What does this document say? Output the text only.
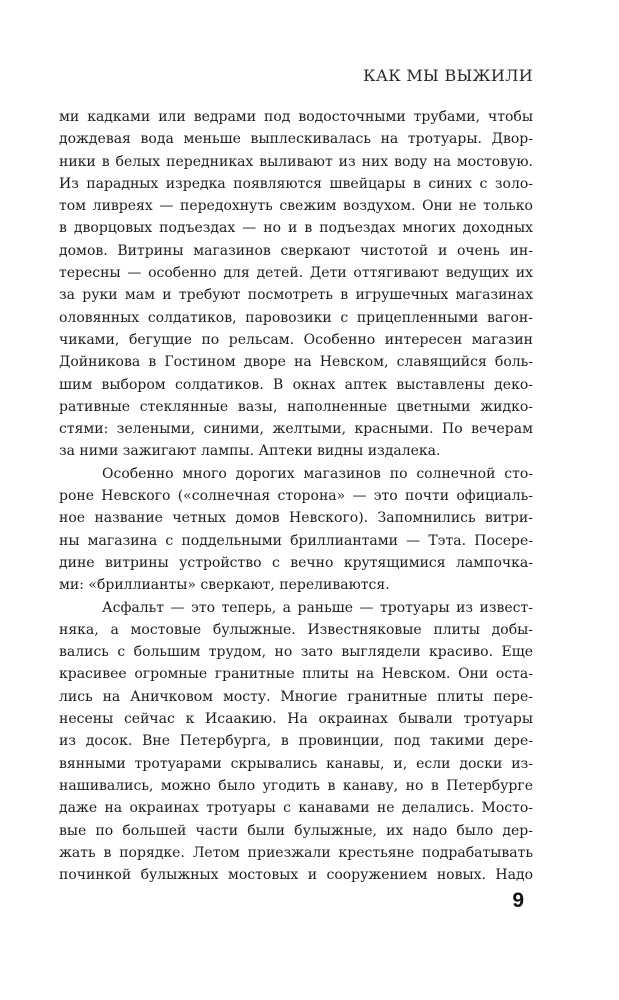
КАК МЫ ВЫЖИЛИ
ми кадками или ведрами под водосточными трубами, чтобы
дождевая вода меньше выплескивалась на тротуары. Двор-
ники в белых передниках выливают из них воду на мостовую.
Из парадных изредка появляются швейцары в синих с золо-
том ливреях — передохнуть свежим воздухом. Они не только
в дворцовых подъездах — но и в подъездах многих доходных
домов. Витрины магазинов сверкают чистотой и очень ин-
тересны — особенно для детей. Дети оттягивают ведущих их
за руки мам и требуют посмотреть в игрушечных магазинах
оловянных солдатиков, паровозики с прицепленными вагон-
чиками, бегущие по рельсам. Особенно интересен магазин
Дойникова в Гостином дворе на Невском, славящийся боль-
шим выбором солдатиков. В окнах аптек выставлены деко-
ративные стеклянные вазы, наполненные цветными жидко-
стями: зелеными, синими, желтыми, красными. По вечерам
за ними зажигают лампы. Аптеки видны издалека.
Особенно много дорогих магазинов по солнечной сто-
роне Невского («солнечная сторона» — это почти официаль-
ное название четных домов Невского). Запомнились витри-
ны магазина с поддельными бриллиантами — Тэта. Посере-
дине витрины устройство с вечно крутящимися лампочка-
ми: «бриллианты» сверкают, переливаются.
Асфальт — это теперь, а раньше — тротуары из извест-
няка, а мостовые булыжные. Известняковые плиты добы-
вались с большим трудом, но зато выглядели красиво. Еще
красивее огромные гранитные плиты на Невском. Они оста-
лись на Аничковом мосту. Многие гранитные плиты пере-
несены сейчас к Исаакию. На окраинах бывали тротуары
из досок. Вне Петербурга, в провинции, под такими дере-
вянными тротуарами скрывались канавы, и, если доски из-
нашивались, можно было угодить в канаву, но в Петербурге
даже на окраинах тротуары с канавами не делались. Мосто-
вые по большей части были булыжные, их надо было дер-
жать в порядке. Летом приезжали крестьяне подрабатывать
починкой булыжных мостовых и сооружением новых. Надо
9
